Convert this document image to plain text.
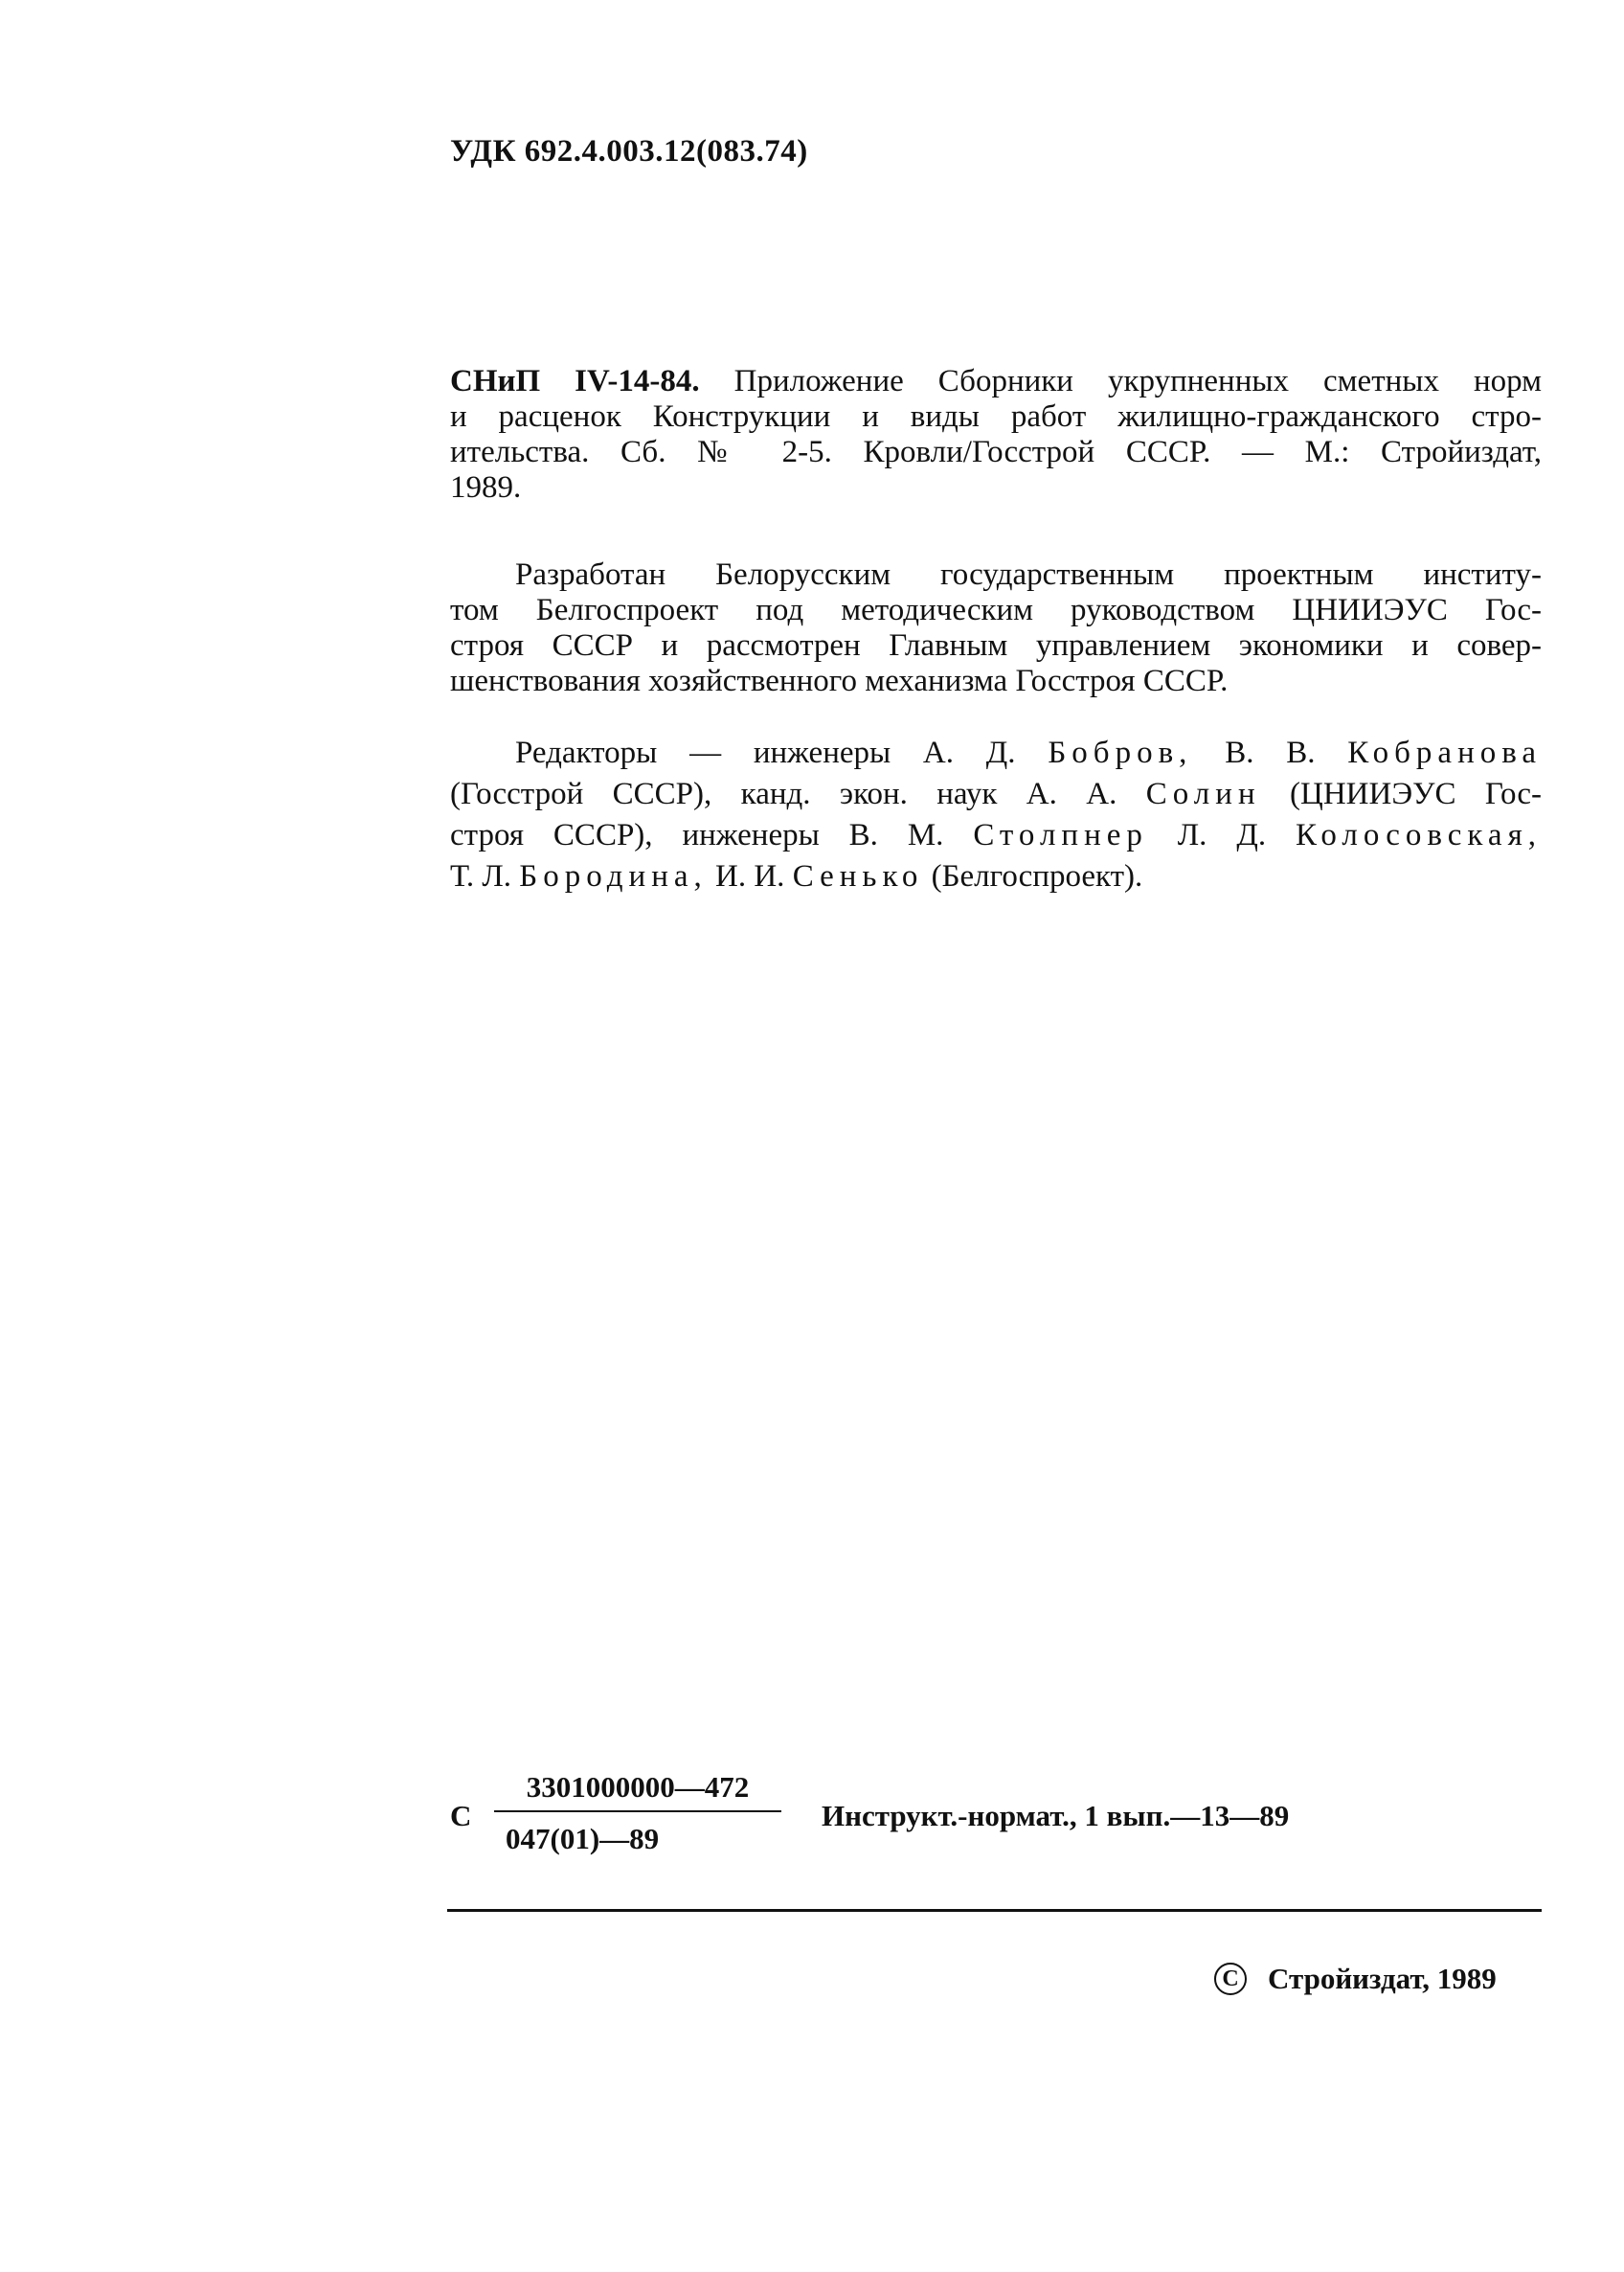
УДК 692.4.003.12(083.74)
СНиП IV-14-84. Приложение Сборники укрупненных сметных норм
и расценок Конструкции и виды работ жилищно-гражданского стро-
ительства. Сб. № 2-5. Кровли/Госстрой СССР. — М.: Стройиздат,
1989.
Разработан Белорусским государственным проектным институ-
том Белгоспроект под методическим руководством ЦНИИЭУС Гос-
строя СССР и рассмотрен Главным управлением экономики и совер-
шенствования хозяйственного механизма Госстроя СССР.
Редакторы — инженеры А. Д. Бобров, В. В. Кобранова
(Госстрой СССР), канд. экон. наук А. А. Солин (ЦНИИЭУС Гос-
строя СССР), инженеры В. М. Столпнер Л. Д. Колосовская,
Т. Л. Бородина, И. И. Сенько (Белгоспроект).
С
3301000000—472
047(01)—89
Инструкт.-нормат., 1 вып.—13—89
C Стройиздат, 1989
